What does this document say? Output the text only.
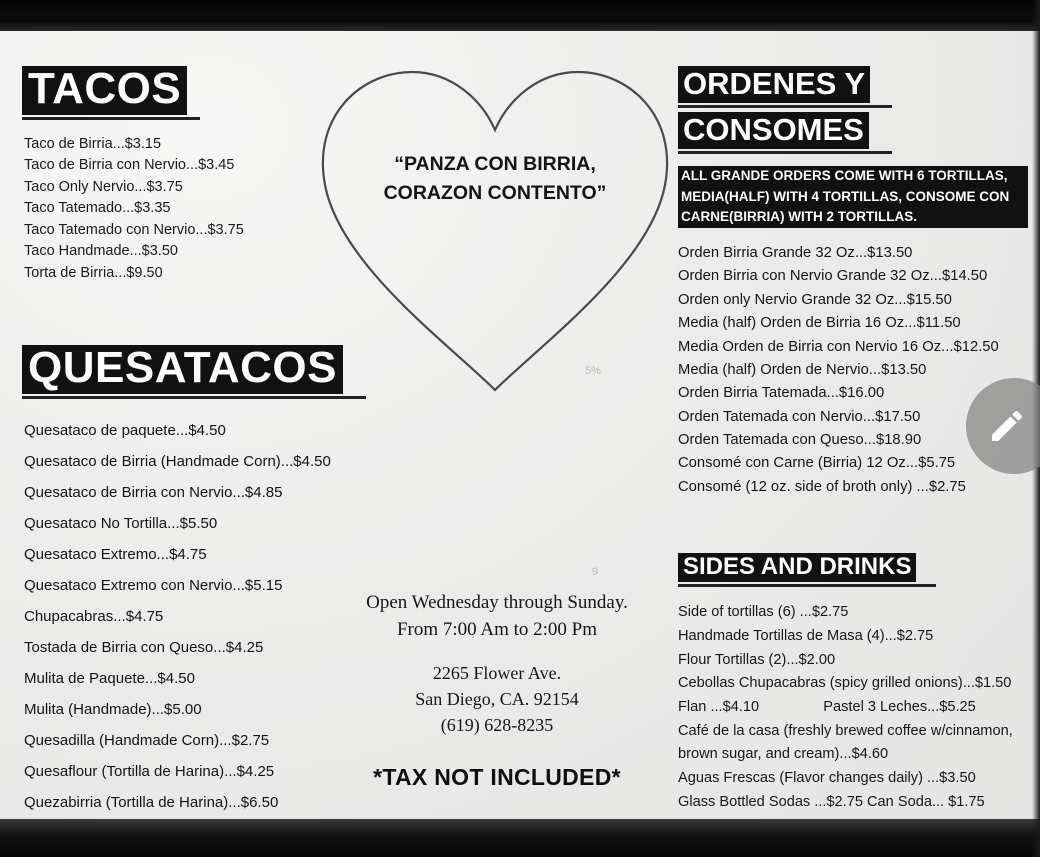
TACOS
Taco de Birria...$3.15
Taco de Birria con Nervio...$3.45
Taco Only Nervio...$3.75
Taco Tatemado...$3.35
Taco Tatemado con Nervio...$3.75
Taco Handmade...$3.50
Torta de Birria...$9.50
QUESATACOS
Quesataco de paquete...$4.50
Quesataco de Birria (Handmade Corn)...$4.50
Quesataco de Birria con Nervio...$4.85
Quesataco No Tortilla...$5.50
Quesataco Extremo...$4.75
Quesataco Extremo con Nervio...$5.15
Chupacabras...$4.75
Tostada de Birria con Queso...$4.25
Mulita de Paquete...$4.50
Mulita (Handmade)...$5.00
Quesadilla (Handmade Corn)...$2.75
Quesaflour (Tortilla de Harina)...$4.25
Quezabirria (Tortilla de Harina)...$6.50
“PANZA CON BIRRIA, CORAZON CONTENTO”
Open Wednesday through Sunday.
From 7:00 Am to 2:00 Pm
2265 Flower Ave.
San Diego, CA. 92154
(619) 628-8235
*TAX NOT INCLUDED*
ORDENES Y
CONSOMES
ALL GRANDE ORDERS COME WITH 6 TORTILLAS,
MEDIA(HALF) WITH 4 TORTILLAS, CONSOME CON
CARNE(BIRRIA) WITH 2 TORTILLAS.
Orden Birria Grande 32 Oz...$13.50
Orden Birria con Nervio Grande 32 Oz...$14.50
Orden only Nervio Grande 32 Oz...$15.50
Media (half) Orden de Birria 16 Oz...$11.50
Media Orden de Birria con Nervio 16 Oz...$12.50
Media (half) Orden de Nervio...$13.50
Orden Birria Tatemada...$16.00
Orden Tatemada con Nervio...$17.50
Orden Tatemada con Queso...$18.90
Consomé con Carne (Birria) 12 Oz...$5.75
Consomé (12 oz. side of broth only) ...$2.75
SIDES AND DRINKS
Side of tortillas (6) ...$2.75
Handmade Tortillas de Masa (4)...$2.75
Flour Tortillas (2)...$2.00
Cebollas Chupacabras (spicy grilled onions)...$1.50
Flan ...$4.10	Pastel 3 Leches...$5.25
Café de la casa (freshly brewed coffee w/cinnamon,
brown sugar, and cream)...$4.60
Aguas Frescas (Flavor changes daily) ...$3.50
Glass Bottled Sodas ...$2.75 Can Soda... $1.75
5%
9
